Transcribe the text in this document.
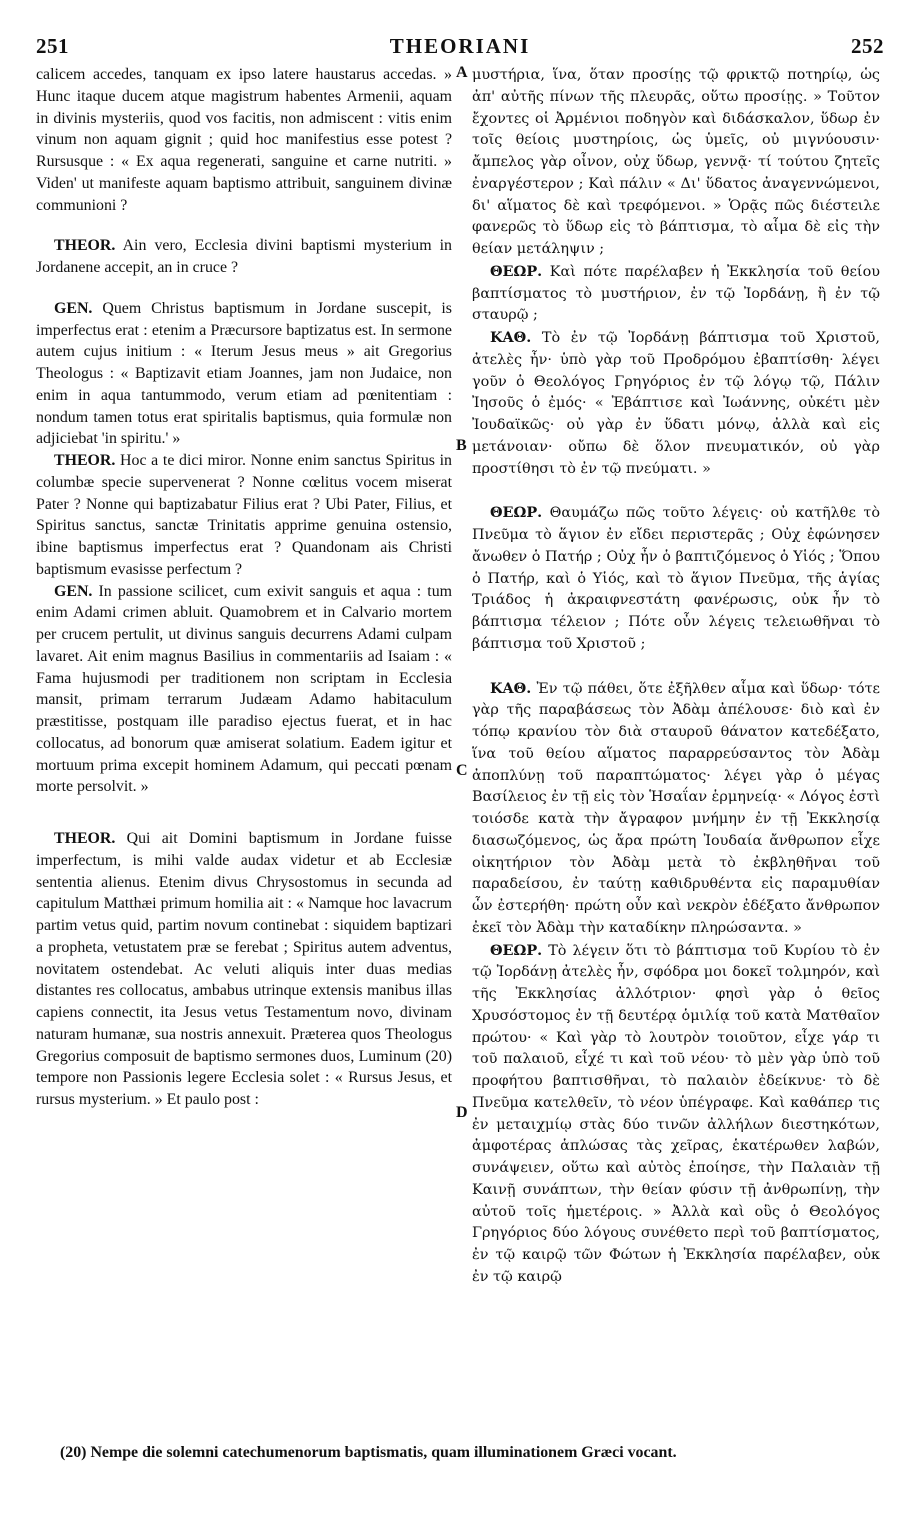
251	THEORIANI	252

calicem accedes, tanquam ex ipso latere haustarus accedas. » Hunc itaque ducem atque magistrum habentes Armenii, aquam in divinis mysteriis, quod vos facitis, non admiscent : vitis enim vinum non aquam gignit ; quid hoc manifestius esse potest ? Rursusque : « Ex aqua regenerati, sanguine et carne nutriti. » Viden' ut manifeste aquam baptismo attribuit, sanguinem divinæ communioni ?

THEOR. Ain vero, Ecclesia divini baptismi mysterium in Jordanene accepit, an in cruce ?

GEN. Quem Christus baptismum in Jordane suscepit, is imperfectus erat : etenim a Præcursore baptizatus est. In sermone autem cujus initium : « Iterum Jesus meus » ait Gregorius Theologus : « Baptizavit etiam Joannes, jam non Judaice, non enim in aqua tantummodo, verum etiam ad pœnitentiam : nondum tamen totus erat spiritalis baptismus, quia formulæ non adjiciebat 'in spiritu.' »

THEOR. Hoc a te dici miror. Nonne enim sanctus Spiritus in columbæ specie supervenerat ? Nonne cœlitus vocem miserat Pater ? Nonne qui baptizabatur Filius erat ? Ubi Pater, Filius, et Spiritus sanctus, sanctæ Trinitatis apprime genuina ostensio, ibine baptismus imperfectus erat ? Quandonam ais Christi baptismum evasisse perfectum ?

GEN. In passione scilicet, cum exivit sanguis et aqua : tum enim Adami crimen abluit. Quamobrem et in Calvario mortem per crucem pertulit, ut divinus sanguis decurrens Adami culpam lavaret. Ait enim magnus Basilius in commentariis ad Isaiam : « Fama hujusmodi per traditionem non scriptam in Ecclesia mansit, primam terrarum Judæam Adamo habitaculum præstitisse, postquam ille paradiso ejectus fuerat, et in hac collocatus, ad bonorum quæ amiserat solatium. Eadem igitur et mortuum prima excepit hominem Adamum, qui peccati pœnam morte persolvit. »

THEOR. Qui ait Domini baptismum in Jordane fuisse imperfectum, is mihi valde audax videtur et ab Ecclesiæ sententia alienus. Etenim divus Chrysostomus in secunda ad capitulum Matthæi primum homilia ait : « Namque hoc lavacrum partim vetus quid, partim novum continebat : siquidem baptizari a propheta, vetustatem præ se ferebat ; Spiritus autem adventus, novitatem ostendebat. Ac veluti aliquis inter duas medias distantes res collocatus, ambabus utrinque extensis manibus illas capiens connectit, ita Jesus vetus Testamentum novo, divinam naturam humanæ, sua nostris annexuit. Præterea quos Theologus Gregorius composuit de baptismo sermones duos, Luminum (20) tempore non Passionis legere Ecclesia solet : « Rursus Jesus, et rursus mysterium. » Et paulo post :

A
B
C
D

μυστήρια, ἵνα, ὅταν προσίῃς τῷ φρικτῷ ποτηρίῳ, ὡς ἀπ' αὐτῆς πίνων τῆς πλευρᾶς, οὕτω προσίῃς. » Τοῦτον ἔχοντες οἱ Ἀρμένιοι ποδηγὸν καὶ διδάσκαλον, ὕδωρ ἐν τοῖς θείοις μυστηρίοις, ὡς ὑμεῖς, οὐ μιγνύουσιν· ἄμπελος γὰρ οἶνον, οὐχ ὕδωρ, γεννᾷ· τί τούτου ζητεῖς ἐναργέστερον ; Καὶ πάλιν « Δι' ὕδατος ἀναγεννώμενοι, δι' αἵματος δὲ καὶ τρεφόμενοι. » Ὁρᾷς πῶς διέστειλε φανερῶς τὸ ὕδωρ εἰς τὸ βάπτισμα, τὸ αἷμα δὲ εἰς τὴν θείαν μετάληψιν ;

ΘΕΩΡ. Καὶ πότε παρέλαβεν ἡ Ἐκκλησία τοῦ θείου βαπτίσματος τὸ μυστήριον, ἐν τῷ Ἰορδάνῃ, ἢ ἐν τῷ σταυρῷ ;

ΚΑΘ. Τὸ ἐν τῷ Ἰορδάνῃ βάπτισμα τοῦ Χριστοῦ, ἀτελὲς ἦν· ὑπὸ γὰρ τοῦ Προδρόμου ἐβαπτίσθη· λέγει γοῦν ὁ Θεολόγος Γρηγόριος ἐν τῷ λόγῳ τῷ, Πάλιν Ἰησοῦς ὁ ἐμός· « Ἐβάπτισε καὶ Ἰωάννης, οὐκέτι μὲν Ἰουδαϊκῶς· οὐ γὰρ ἐν ὕδατι μόνῳ, ἀλλὰ καὶ εἰς μετάνοιαν· οὔπω δὲ ὅλον πνευματικόν, οὐ γὰρ προστίθησι τὸ ἐν τῷ πνεύματι. »

ΘΕΩΡ. Θαυμάζω πῶς τοῦτο λέγεις· οὐ κατῆλθε τὸ Πνεῦμα τὸ ἅγιον ἐν εἴδει περιστερᾶς ; Οὐχ ἐφώνησεν ἄνωθεν ὁ Πατήρ ; Οὐχ ἦν ὁ βαπτιζόμενος ὁ Υἱός ; Ὅπου ὁ Πατήρ, καὶ ὁ Υἱός, καὶ τὸ ἅγιον Πνεῦμα, τῆς ἁγίας Τριάδος ἡ ἀκραιφνεστάτη φανέρωσις, οὐκ ἦν τὸ βάπτισμα τέλειον ; Πότε οὖν λέγεις τελειωθῆναι τὸ βάπτισμα τοῦ Χριστοῦ ;

ΚΑΘ. Ἐν τῷ πάθει, ὅτε ἐξῆλθεν αἷμα καὶ ὕδωρ· τότε γὰρ τῆς παραβάσεως τὸν Ἀδὰμ ἀπέλουσε· διὸ καὶ ἐν τόπῳ κρανίου τὸν διὰ σταυροῦ θάνατον κατεδέξατο, ἵνα τοῦ θείου αἵματος παραρρεύσαντος τὸν Ἀδὰμ ἀποπλύνῃ τοῦ παραπτώματος· λέγει γὰρ ὁ μέγας Βασίλειος ἐν τῇ εἰς τὸν Ἡσαΐαν ἑρμηνείᾳ· « Λόγος ἐστὶ τοιόσδε κατὰ τὴν ἄγραφον μνήμην ἐν τῇ Ἐκκλησίᾳ διασωζόμενος, ὡς ἄρα πρώτη Ἰουδαία ἄνθρωπον εἶχε οἰκητήριον τὸν Ἀδὰμ μετὰ τὸ ἐκβληθῆναι τοῦ παραδείσου, ἐν ταύτῃ καθιδρυθέντα εἰς παραμυθίαν ὧν ἐστερήθη· πρώτη οὖν καὶ νεκρὸν ἐδέξατο ἄνθρωπον ἐκεῖ τὸν Ἀδὰμ τὴν καταδίκην πληρώσαντα. »

ΘΕΩΡ. Τὸ λέγειν ὅτι τὸ βάπτισμα τοῦ Κυρίου τὸ ἐν τῷ Ἰορδάνῃ ἀτελὲς ἦν, σφόδρα μοι δοκεῖ τολμηρόν, καὶ τῆς Ἐκκλησίας ἀλλότριον· φησὶ γὰρ ὁ θεῖος Χρυσόστομος ἐν τῇ δευτέρᾳ ὁμιλίᾳ τοῦ κατὰ Ματθαῖον πρώτου· « Καὶ γὰρ τὸ λουτρὸν τοιοῦτον, εἶχε γάρ τι τοῦ παλαιοῦ, εἶχέ τι καὶ τοῦ νέου· τὸ μὲν γὰρ ὑπὸ τοῦ προφήτου βαπτισθῆναι, τὸ παλαιὸν ἐδείκνυε· τὸ δὲ Πνεῦμα κατελθεῖν, τὸ νέον ὑπέγραφε. Καὶ καθάπερ τις ἐν μεταιχμίῳ στὰς δύο τινῶν ἀλλήλων διεστηκότων, ἀμφοτέρας ἁπλώσας τὰς χεῖρας, ἑκατέρωθεν λαβών, συνάψειεν, οὕτω καὶ αὐτὸς ἐποίησε, τὴν Παλαιὰν τῇ Καινῇ συνάπτων, τὴν θείαν φύσιν τῇ ἀνθρωπίνῃ, τὴν αὐτοῦ τοῖς ἡμετέροις. » Ἀλλὰ καὶ οὓς ὁ Θεολόγος Γρηγόριος δύο λόγους συνέθετο περὶ τοῦ βαπτίσματος, ἐν τῷ καιρῷ τῶν Φώτων ἡ Ἐκκλησία παρέλαβεν, οὐκ ἐν τῷ καιρῷ

(20) Nempe die solemni catechumenorum baptismatis, quam illuminationem Græci vocant.
